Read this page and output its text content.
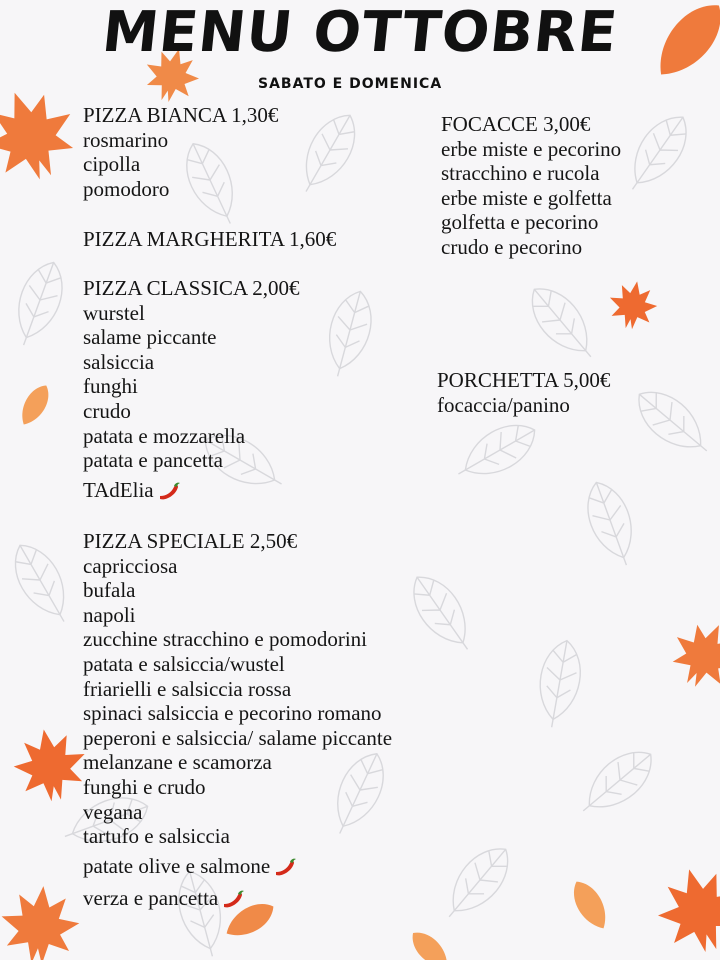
MENU OTTOBRE
SABATO E DOMENICA
PIZZA BIANCA 1,30€
rosmarino
cipolla
pomodoro
PIZZA MARGHERITA 1,60€
PIZZA CLASSICA 2,00€
wurstel
salame piccante
salsiccia
funghi
crudo
patata e mozzarella
patata e pancetta
TAdElia
PIZZA SPECIALE 2,50€
capricciosa
bufala
napoli
zucchine stracchino e pomodorini
patata e salsiccia/wustel
friarielli e salsiccia rossa
spinaci salsiccia e pecorino romano
peperoni e salsiccia/ salame piccante
melanzane e scamorza
funghi e crudo
vegana
tartufo e salsiccia
patate olive e salmone
verza e pancetta
FOCACCE 3,00€
erbe miste e pecorino
stracchino e rucola
erbe miste e golfetta
golfetta e pecorino
crudo e pecorino
PORCHETTA 5,00€
focaccia/panino
